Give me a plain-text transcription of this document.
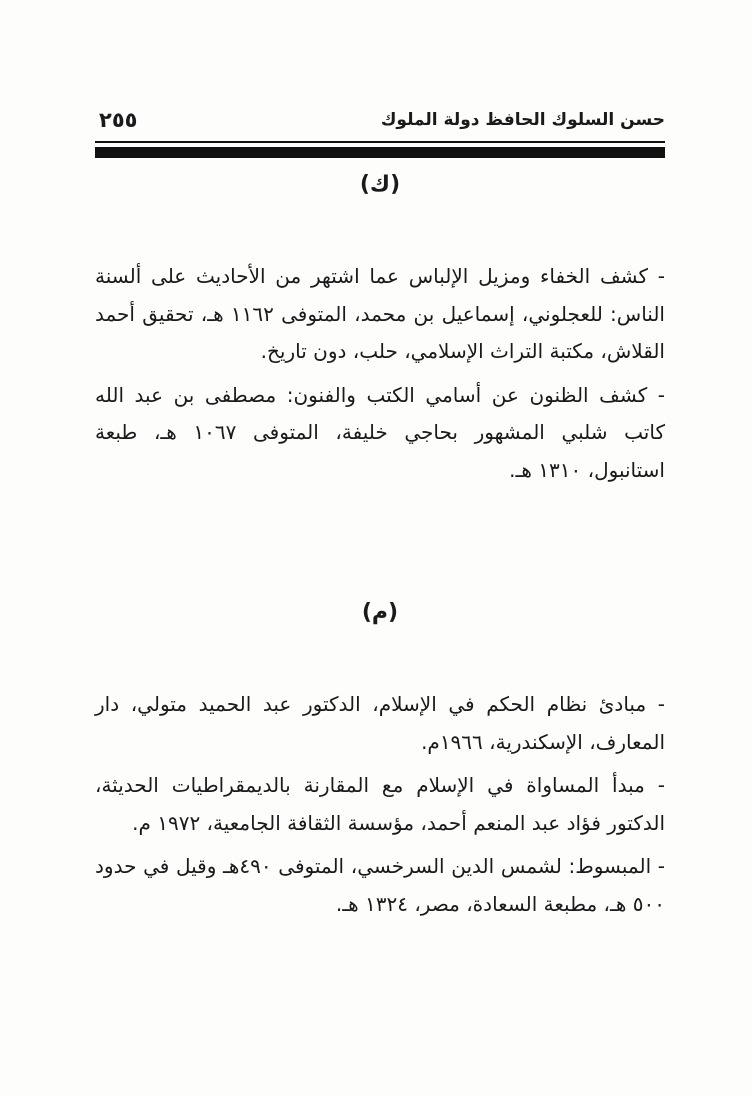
حسن السلوك الحافظ دولة الملوك
٢٥٥
(ك)

- كشف الخفاء ومزيل الإلباس عما اشتهر من الأحاديث على ألسنة الناس: للعجلوني، إسماعيل بن محمد، المتوفى ١١٦٢ هـ، تحقيق أحمد القلاش، مكتبة التراث الإسلامي، حلب، دون تاريخ.

- كشف الظنون عن أسامي الكتب والفنون: مصطفى بن عبد الله كاتب شلبي المشهور بحاجي خليفة، المتوفى ١٠٦٧ هـ، طبعة استانبول، ١٣١٠ هـ.

(م)

- مبادئ نظام الحكم في الإسلام، الدكتور عبد الحميد متولي، دار المعارف، الإسكندرية، ١٩٦٦م.

- مبدأ المساواة في الإسلام مع المقارنة بالديمقراطيات الحديثة، الدكتور فؤاد عبد المنعم أحمد، مؤسسة الثقافة الجامعية، ١٩٧٢ م.

- المبسوط: لشمس الدين السرخسي، المتوفى ٤٩٠هـ وقيل في حدود ٥٠٠ هـ، مطبعة السعادة، مصر، ١٣٢٤ هـ.
